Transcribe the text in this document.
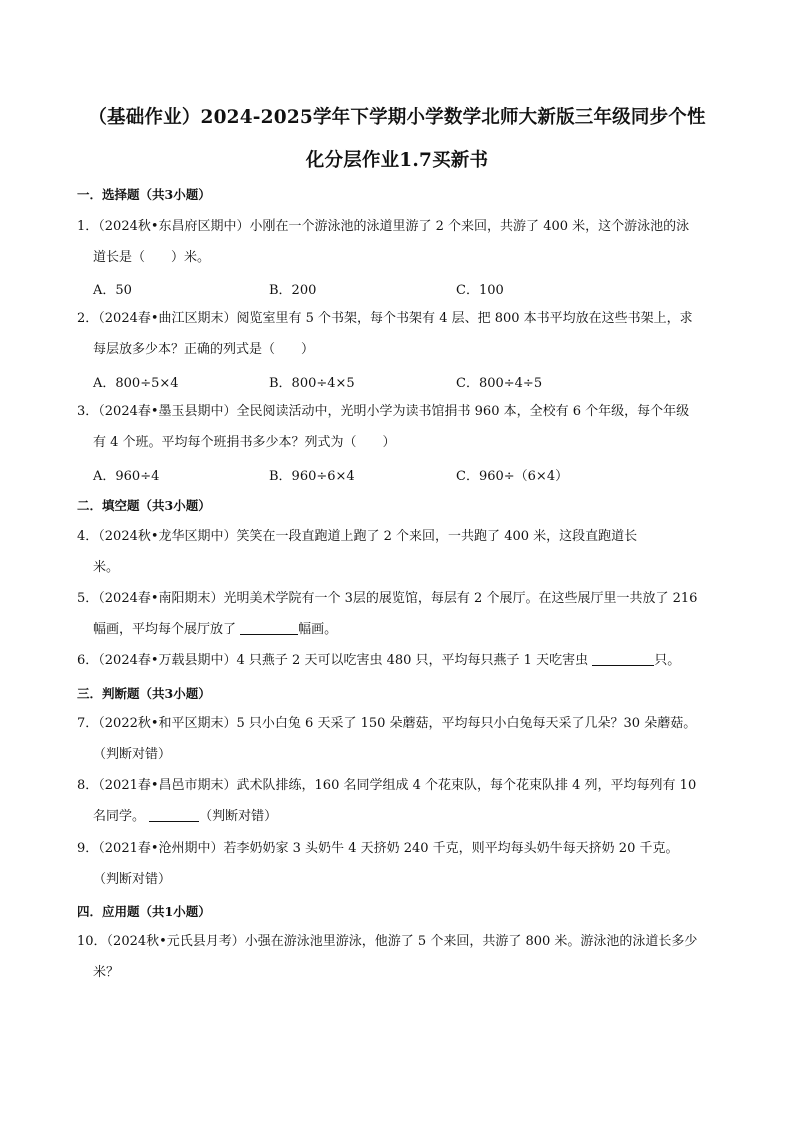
（基础作业）2024-2025学年下学期小学数学北师大新版三年级同步个性
化分层作业1.7买新书
一．选择题（共3小题）
1．（2024秋•东昌府区期中）小刚在一个游泳池的泳道里游了 2 个来回，共游了 400 米，这个游泳池的泳
道长是（　　）米。
A．50	B．200	C．100
2．（2024春•曲江区期末）阅览室里有 5 个书架，每个书架有 4 层、把 800 本书平均放在这些书架上，求
每层放多少本？正确的列式是（　　）
A．800÷5×4	B．800÷4×5	C．800÷4÷5
3．（2024春•墨玉县期中）全民阅读活动中，光明小学为读书馆捐书 960 本，全校有 6 个年级，每个年级
有 4 个班。平均每个班捐书多少本？列式为（　　）
A．960÷4	B．960÷6×4	C．960÷（6×4）
二．填空题（共3小题）
4．（2024秋•龙华区期中）笑笑在一段直跑道上跑了 2 个来回，一共跑了 400 米，这段直跑道长
米。
5．（2024春•南阳期末）光明美术学院有一个 3层的展览馆，每层有 2 个展厅。在这些展厅里一共放了 216
幅画，平均每个展厅放了	幅画。
6．（2024春•万载县期中）4 只燕子 2 天可以吃害虫 480 只，平均每只燕子 1 天吃害虫	只。
三．判断题（共3小题）
7．（2022秋•和平区期末）5 只小白兔 6 天采了 150 朵蘑菇，平均每只小白兔每天采了几朵？30 朵蘑菇。
（判断对错）
8．（2021春•昌邑市期末）武术队排练，160 名同学组成 4 个花束队，每个花束队排 4 列，平均每列有 10
名同学。	（判断对错）
9．（2021春•沧州期中）若李奶奶家 3 头奶牛 4 天挤奶 240 千克，则平均每头奶牛每天挤奶 20 千克。
（判断对错）
四．应用题（共1小题）
10．（2024秋•元氏县月考）小强在游泳池里游泳，他游了 5 个来回，共游了 800 米。游泳池的泳道长多少
米？
